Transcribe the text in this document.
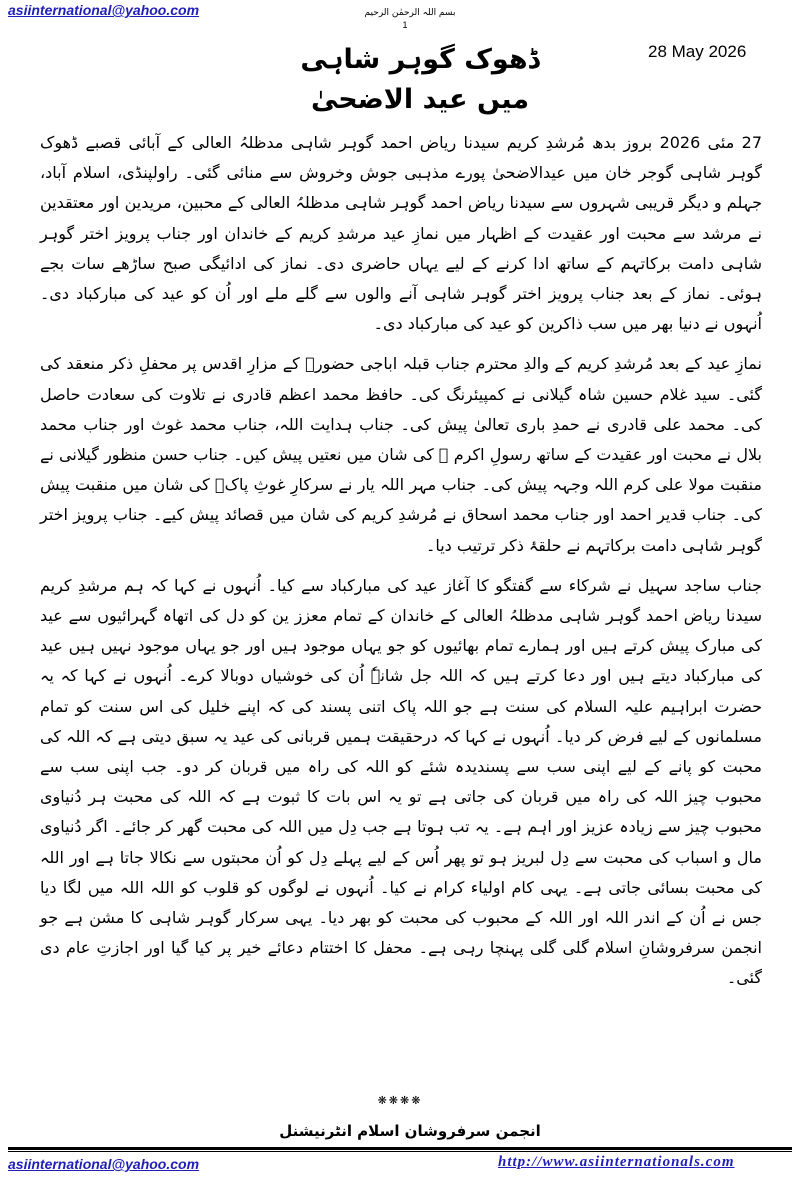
asiinternational@yahoo.com	بسم اللہ الرحمٰن الرحیم
1
ڈھوک گوہر شاہی میں عید الاضحیٰ
28 May 2026

27 مئی 2026 بروز بدھ مُرشدِ کریم سیدنا ریاض احمد گوہر شاہی مدظلہُ العالی کے آبائی قصبے ڈھوک گوہر شاہی گوجر خان میں عیدالاضحیٰ پورے مذہبی جوش وخروش سے منائی گئی۔ راولپنڈی، اسلام آباد، جہلم و دیگر قریبی شہروں سے سیدنا ریاض احمد گوہر شاہی مدظلہُ العالی کے محبین، مریدین اور معتقدین نے مرشد سے محبت اور عقیدت کے اظہار میں نمازِ عید مرشدِ کریم کے خاندان اور جناب پرویز اختر گوہر شاہی دامت برکاتہم کے ساتھ ادا کرنے کے لیے یہاں حاضری دی۔ نماز کی ادائیگی صبح ساڑھے سات بجے ہوئی۔ نماز کے بعد جناب پرویز اختر گوہر شاہی آنے والوں سے گلے ملے اور اُن کو عید کی مبارکباد دی۔ اُنہوں نے دنیا بھر میں سب ذاکرین کو عید کی مبارکباد دی۔

نمازِ عید کے بعد مُرشدِ کریم کے والدِ محترم جناب قبلہ اباجی حضورؒ کے مزارِ اقدس پر محفلِ ذکر منعقد کی گئی۔ سید غلام حسین شاہ گیلانی نے کمپیئرنگ کی۔ حافظ محمد اعظم قادری نے تلاوت کی سعادت حاصل کی۔ محمد علی قادری نے حمدِ باری تعالیٰ پیش کی۔ جناب ہدایت اللہ، جناب محمد غوث اور جناب محمد بلال نے محبت اور عقیدت کے ساتھ رسولِ اکرم ﷺ کی شان میں نعتیں پیش کیں۔ جناب حسن منظور گیلانی نے منقبت مولا علی کرم اللہ وجہہ پیش کی۔ جناب مہر اللہ یار نے سرکارِ غوثِ پاکؓ کی شان میں منقبت پیش کی۔ جناب قدیر احمد اور جناب محمد اسحاق نے مُرشدِ کریم کی شان میں قصائد پیش کیے۔ جناب پرویز اختر گوہر شاہی دامت برکاتہم نے حلقۂ ذکر ترتیب دیا۔

جناب ساجد سہیل نے شرکاء سے گفتگو کا آغاز عید کی مبارکباد سے کیا۔ اُنہوں نے کہا کہ ہم مرشدِ کریم سیدنا ریاض احمد گوہر شاہی مدظلہُ العالی کے خاندان کے تمام معزز ین کو دل کی اتھاہ گہرائیوں سے عید کی مبارک پیش کرتے ہیں اور ہمارے تمام بھائیوں کو جو یہاں موجود ہیں اور جو یہاں موجود نہیں ہیں عید کی مبارکباد دیتے ہیں اور دعا کرتے ہیں کہ اللہ جل شانہٗ اُن کی خوشیاں دوبالا کرے۔ اُنہوں نے کہا کہ یہ حضرت ابراہیم علیہ السلام کی سنت ہے جو اللہ پاک اتنی پسند کی کہ اپنے خلیل کی اس سنت کو تمام مسلمانوں کے لیے فرض کر دیا۔ اُنہوں نے کہا کہ درحقیقت ہمیں قربانی کی عید یہ سبق دیتی ہے کہ اللہ کی محبت کو پانے کے لیے اپنی سب سے پسندیدہ شئے کو اللہ کی راہ میں قربان کر دو۔ جب اپنی سب سے محبوب چیز اللہ کی راہ میں قربان کی جاتی ہے تو یہ اس بات کا ثبوت ہے کہ اللہ کی محبت ہر دُنیاوی محبوب چیز سے زیادہ عزیز اور اہم ہے۔ یہ تب ہوتا ہے جب دِل میں اللہ کی محبت گھر کر جائے۔ اگر دُنیاوی مال و اسباب کی محبت سے دِل لبریز ہو تو پھر اُس کے لیے پہلے دِل کو اُن محبتوں سے نکالا جاتا ہے اور اللہ کی محبت بسائی جاتی ہے۔ یہی کام اولیاء کرام نے کیا۔ اُنہوں نے لوگوں کو قلوب کو اللہ اللہ میں لگا دیا جس نے اُن کے اندر اللہ اور اللہ کے محبوب کی محبت کو بھر دیا۔ یہی سرکار گوہر شاہی کا مشن ہے جو انجمن سرفروشانِ اسلام گلی گلی پہنچا رہی ہے۔ محفل کا اختتام دعائے خیر پر کیا گیا اور اجازتِ عام دی گئی۔

❋❋❋❋
انجمن سرفروشان اسلام انٹرنیشنل
asiinternational@yahoo.com	http://www.asiinternationals.com
